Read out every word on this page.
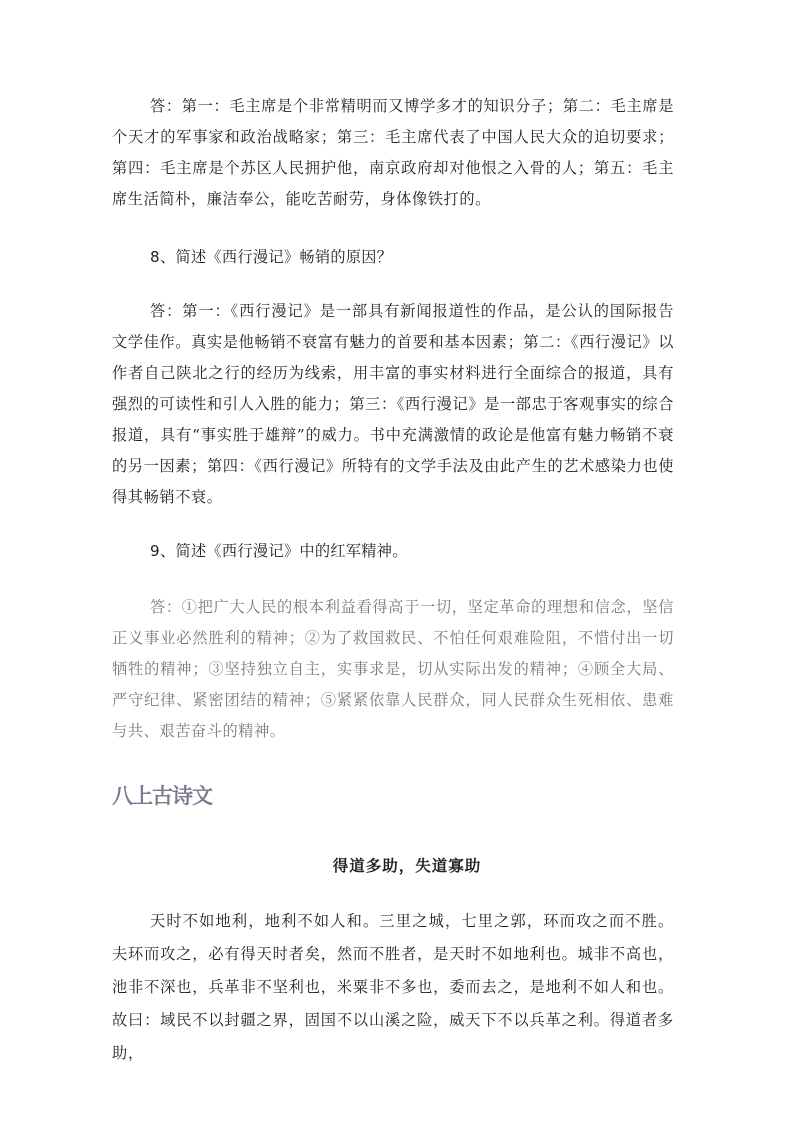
答：第一：毛主席是个非常精明而又博学多才的知识分子；第二：毛主席是个天才的军事家和政治战略家；第三：毛主席代表了中国人民大众的迫切要求；第四：毛主席是个苏区人民拥护他，南京政府却对他恨之入骨的人；第五：毛主席生活简朴，廉洁奉公，能吃苦耐劳，身体像铁打的。

8、简述《西行漫记》畅销的原因？

答：第一：《西行漫记》是一部具有新闻报道性的作品，是公认的国际报告文学佳作。真实是他畅销不衰富有魅力的首要和基本因素；第二：《西行漫记》以作者自己陕北之行的经历为线索，用丰富的事实材料进行全面综合的报道，具有强烈的可读性和引人入胜的能力；第三：《西行漫记》是一部忠于客观事实的综合报道，具有“事实胜于雄辩”的威力。书中充满激情的政论是他富有魅力畅销不衰的另一因素；第四：《西行漫记》所特有的文学手法及由此产生的艺术感染力也使得其畅销不衰。

9、简述《西行漫记》中的红军精神。

答：①把广大人民的根本利益看得高于一切，坚定革命的理想和信念，坚信正义事业必然胜利的精神；②为了救国救民、不怕任何艰难险阻，不惜付出一切牺牲的精神；③坚持独立自主，实事求是，切从实际出发的精神；④顾全大局、严守纪律、紧密团结的精神；⑤紧紧依靠人民群众，同人民群众生死相依、患难与共、艰苦奋斗的精神。

八上古诗文
得道多助，失道寡助

天时不如地利，地利不如人和。三里之城，七里之郭，环而攻之而不胜。夫环而攻之，必有得天时者矣，然而不胜者，是天时不如地利也。城非不高也，池非不深也，兵革非不坚利也，米粟非不多也，委而去之，是地利不如人和也。故曰：域民不以封疆之界，固国不以山溪之险，威天下不以兵革之利。得道者多助，
